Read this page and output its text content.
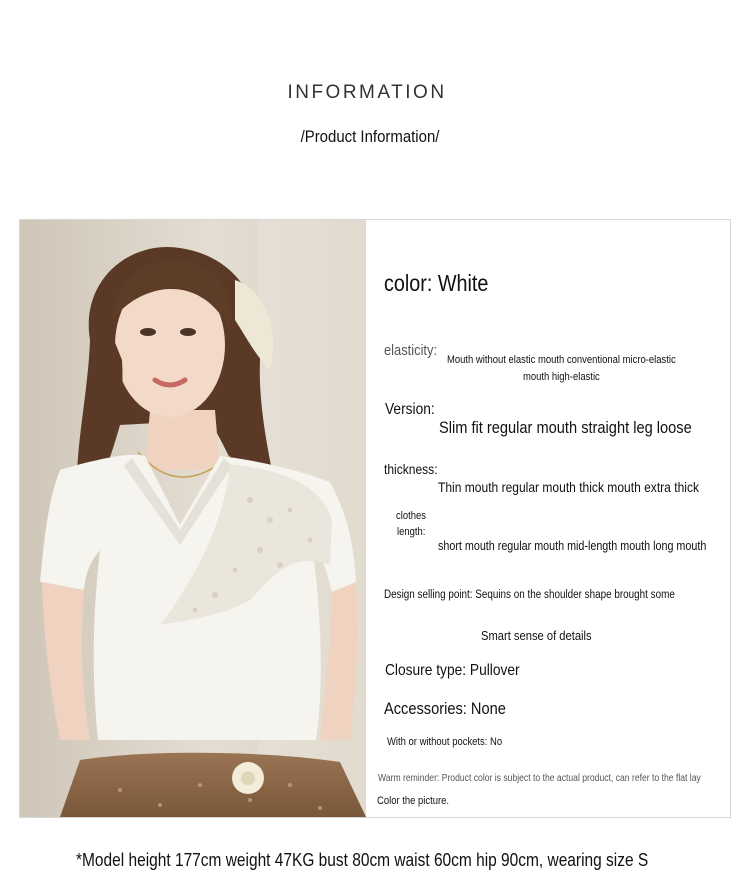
INFORMATION
/Product Information/
color: White
elasticity:
Mouth without elastic mouth conventional micro-elastic
mouth high-elastic
Version:
Slim fit regular mouth straight leg loose
thickness:
Thin mouth regular mouth thick mouth extra thick
clothes
length:
short mouth regular mouth mid-length mouth long mouth
Design selling point: Sequins on the shoulder shape brought some
Smart sense of details
Closure type: Pullover
Accessories: None
With or without pockets: No
Warm reminder: Product color is subject to the actual product, can refer to the flat lay
Color the picture.
*Model height 177cm weight 47KG bust 80cm waist 60cm hip 90cm, wearing size S
